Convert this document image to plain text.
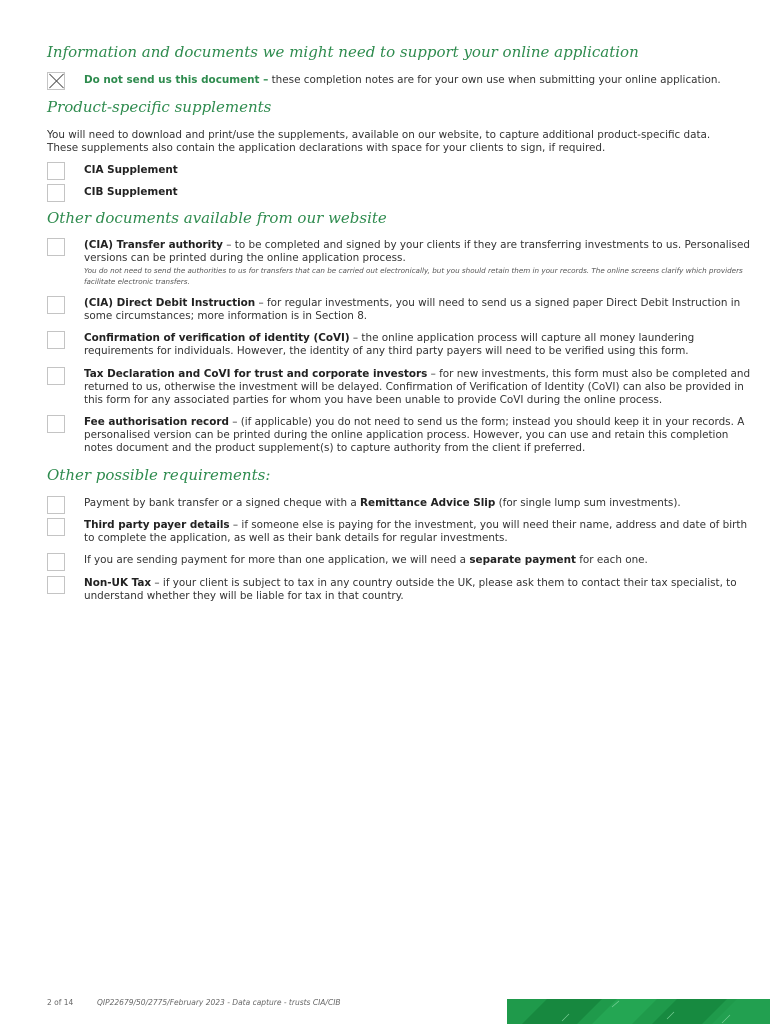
Information and documents we might need to support your online application
Do not send us this document – these completion notes are for your own use when submitting your online application.
Product-specific supplements

You will need to download and print/use the supplements, available on our website, to capture additional product-specific data. These supplements also contain the application declarations with space for your clients to sign, if required.

CIA Supplement
CIB Supplement
Other documents available from our website
(CIA) Transfer authority – to be completed and signed by your clients if they are transferring investments to us. Personalised versions can be printed during the online application process.
You do not need to send the authorities to us for transfers that can be carried out electronically, but you should retain them in your records. The online screens clarify which providers facilitate electronic transfers.
(CIA) Direct Debit Instruction – for regular investments, you will need to send us a signed paper Direct Debit Instruction in some circumstances; more information is in Section 8.
Confirmation of verification of identity (CoVI) – the online application process will capture all money laundering requirements for individuals. However, the identity of any third party payers will need to be verified using this form.
Tax Declaration and CoVI for trust and corporate investors – for new investments, this form must also be completed and returned to us, otherwise the investment will be delayed. Confirmation of Verification of Identity (CoVI) can also be provided in this form for any associated parties for whom you have been unable to provide CoVI during the online process.
Fee authorisation record – (if applicable) you do not need to send us the form; instead you should keep it in your records. A personalised version can be printed during the online application process. However, you can use and retain this completion notes document and the product supplement(s) to capture authority from the client if preferred.
Other possible requirements:
Payment by bank transfer or a signed cheque with a Remittance Advice Slip (for single lump sum investments).
Third party payer details – if someone else is paying for the investment, you will need their name, address and date of birth to complete the application, as well as their bank details for regular investments.
If you are sending payment for more than one application, we will need a separate payment for each one.
Non-UK Tax – if your client is subject to tax in any country outside the UK, please ask them to contact their tax specialist, to understand whether they will be liable for tax in that country.
2 of 14	QIP22679/50/2775/February 2023 - Data capture - trusts CIA/CIB
